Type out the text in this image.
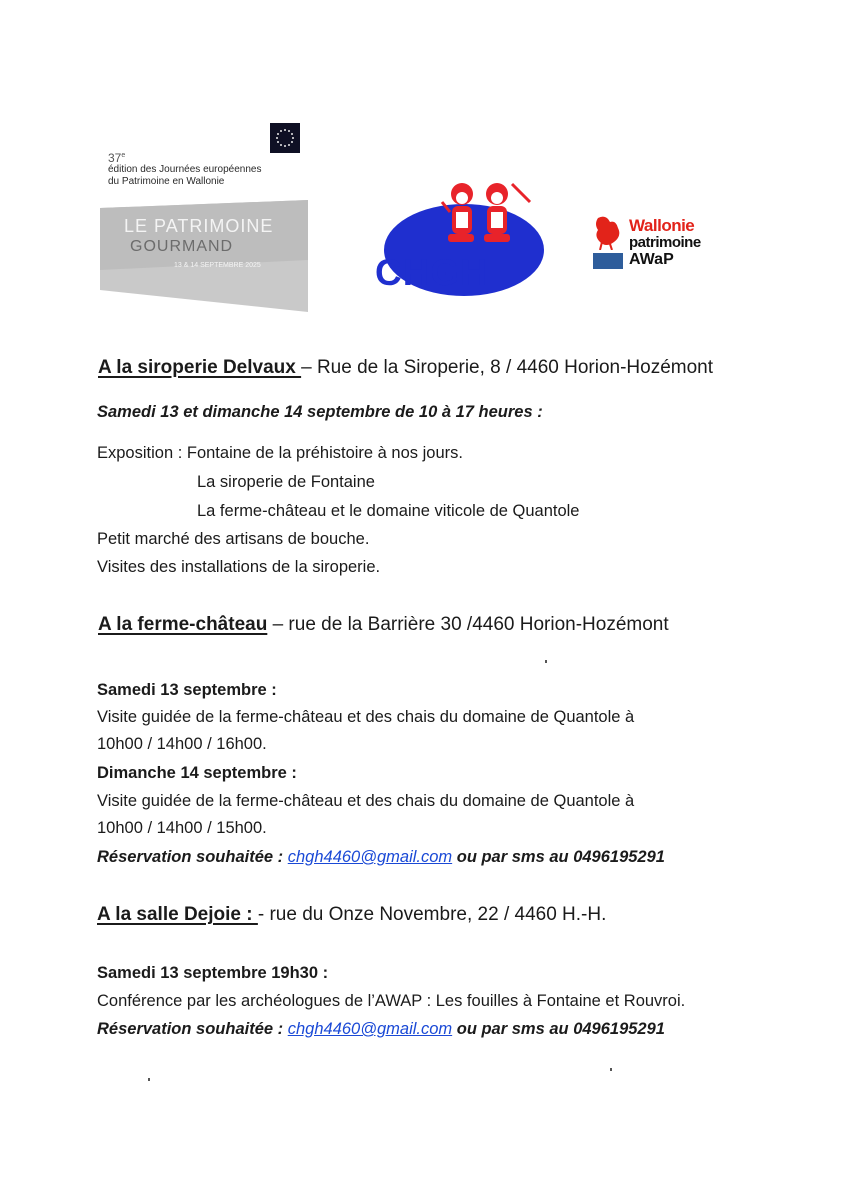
37e
édition des Journées européennes
du Patrimoine en Wallonie
LE PATRIMOINE
GOURMAND
13 & 14 SEPTEMBRE 2025	CHGH
Wallonie
patrimoine
AWaP
A la siroperie Delvaux – Rue de la Siroperie, 8 / 4460 Horion-Hozémont
Samedi 13 et dimanche 14 septembre de 10 à 17 heures :
Exposition : Fontaine de la préhistoire à nos jours.
La siroperie de Fontaine
La ferme-château et le domaine viticole de Quantole
Petit marché des artisans de bouche.
Visites des installations de la siroperie.
A la ferme-château – rue de la Barrière 30 /4460 Horion-Hozémont
Samedi 13 septembre :
Visite guidée de la ferme-château et des chais du domaine de Quantole à
10h00 / 14h00 / 16h00.
Dimanche 14 septembre :
Visite guidée de la ferme-château et des chais du domaine de Quantole à
10h00 / 14h00 / 15h00.
Réservation souhaitée : chgh4460@gmail.com ou par sms au 0496195291
A la salle Dejoie : - rue du Onze Novembre, 22 / 4460 H.-H.
Samedi 13 septembre 19h30 :
Conférence par les archéologues de l’AWAP : Les fouilles à Fontaine et Rouvroi.
Réservation souhaitée : chgh4460@gmail.com ou par sms au 0496195291
